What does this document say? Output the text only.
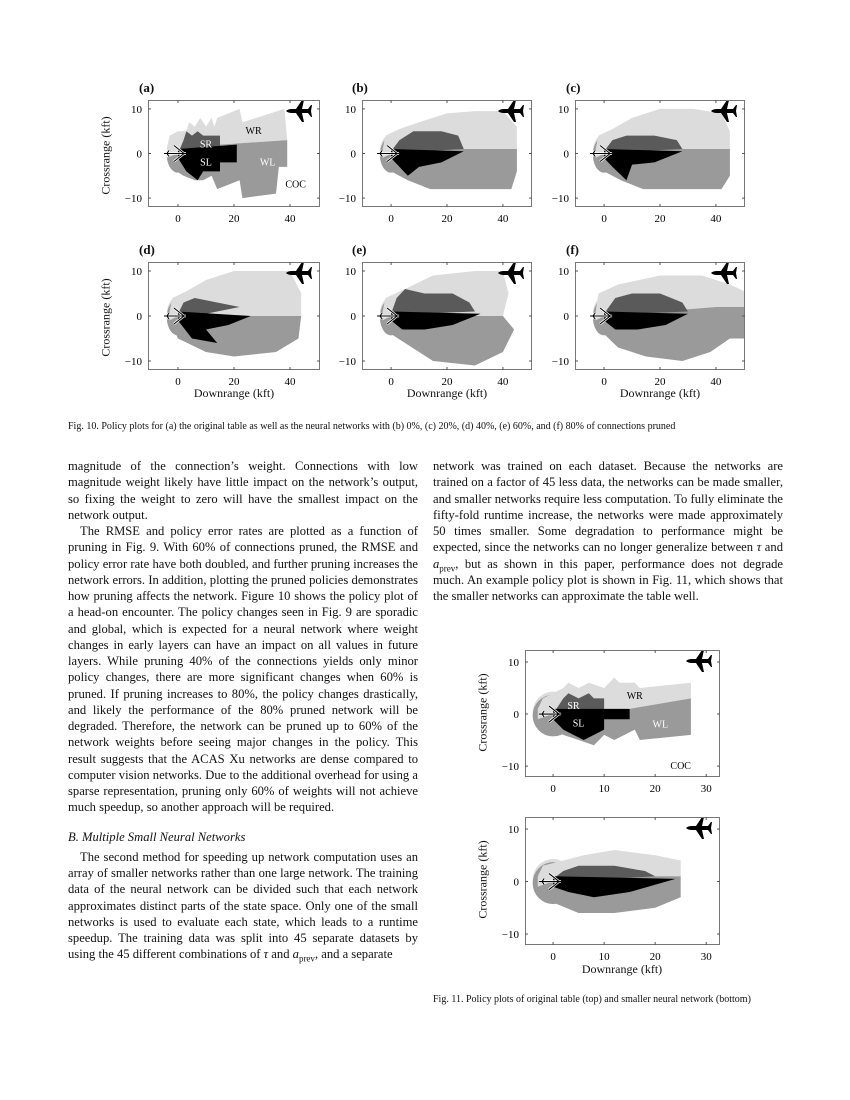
(a)	(b)	(c)
(d)	(e)	(f)
WR
SR
SL	WL
COC
0	20	40
10
0
−10
0	20	40
10
0
−10
0	20	40
10
0
−10
0	20	40
10
0
−10
0	20	40
10
0
−10
0	20	40
10
0
−10
Crossrange (kft)
Crossrange (kft)
Downrange (kft)	Downrange (kft)	Downrange (kft)
Fig. 10. Policy plots for (a) the original table as well as the neural networks with (b) 0%, (c) 20%, (d) 40%, (e) 60%, and (f) 80% of connections pruned

magnitude of the connection’s weight. Connections with low magnitude weight likely have little impact on the network’s output, so fixing the weight to zero will have the smallest impact on the network output.

The RMSE and policy error rates are plotted as a function of pruning in Fig. 9. With 60% of connections pruned, the RMSE and policy error rate have both doubled, and further pruning increases the network errors. In addition, plotting the pruned policies demonstrates how pruning affects the network. Figure 10 shows the policy plot of a head-on encounter. The policy changes seen in Fig. 9 are sporadic and global, which is expected for a neural network where weight changes in early layers can have an impact on all values in future layers. While pruning 40% of the connections yields only minor policy changes, there are more significant changes when 60% is pruned. If pruning increases to 80%, the policy changes drastically, and likely the performance of the 80% pruned network will be degraded. Therefore, the network can be pruned up to 60% of the network weights before seeing major changes in the policy. This result suggests that the ACAS Xu networks are dense compared to computer vision networks. Due to the additional overhead for using a sparse representation, pruning only 60% of weights will not achieve much speedup, so another approach will be required.

B. Multiple Small Neural Networks

The second method for speeding up network computation uses an array of smaller networks rather than one large network. The training data of the neural network can be divided such that each network approximates distinct parts of the state space. Only one of the small networks is used to evaluate each state, which leads to a runtime speedup. The training data was split into 45 separate datasets by using the 45 different combinations of τ and $a_{prev}$, and a separate

network was trained on each dataset. Because the networks are trained on a factor of 45 less data, the networks can be made smaller, and smaller networks require less computation. To fully eliminate the fifty-fold runtime increase, the networks were made approximately 50 times smaller. Some degradation to performance might be expected, since the networks can no longer generalize between τ and $a_{prev}$, but as shown in this paper, performance does not degrade much. An example policy plot is shown in Fig. 11, which shows that the smaller networks can approximate the table well.

WR
SR
SL	WL
COC
0	10	20	30
10
0
−10
0	10	20	30
10
0
−10
Crossrange (kft)
Crossrange (kft)
Downrange (kft)
Fig. 11. Policy plots of original table (top) and smaller neural network (bottom)
